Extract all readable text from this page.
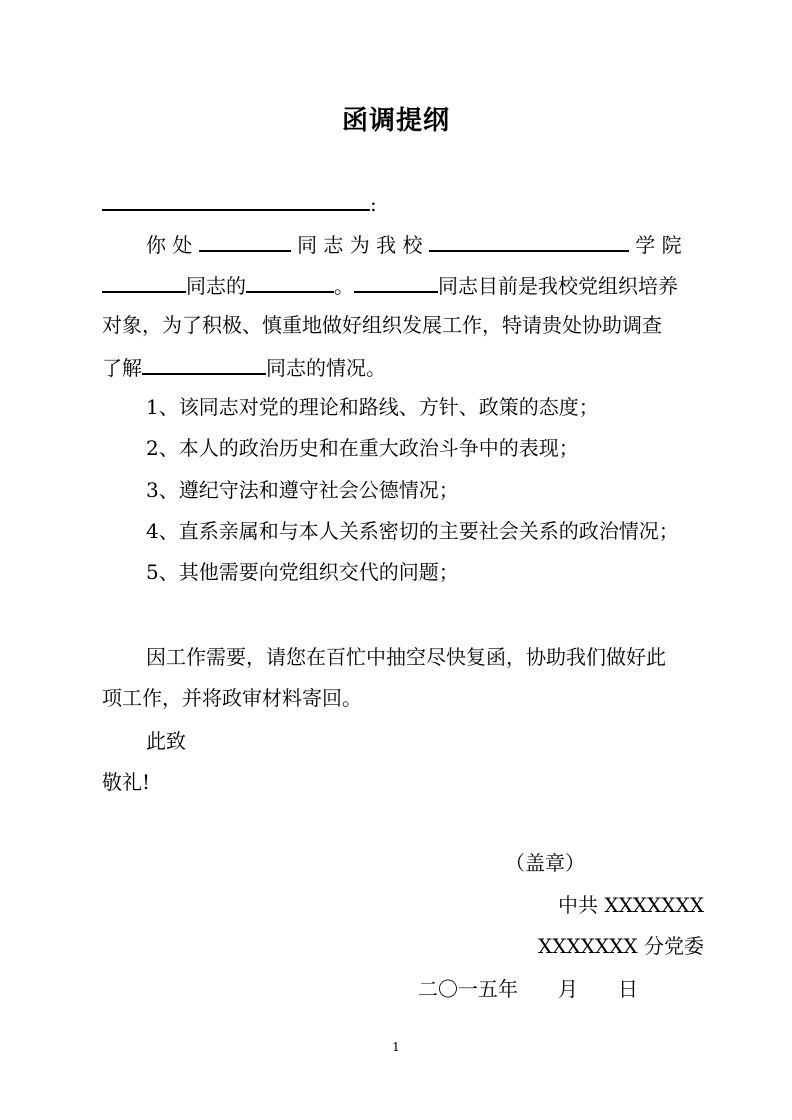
函调提纲
:
你 处	同 志 为 我 校	学 院
同志的	。	同志目前是我校党组织培养
对象，为了积极、慎重地做好组织发展工作，特请贵处协助调查
了解	同志的情况。
1、该同志对党的理论和路线、方针、政策的态度；
2、本人的政治历史和在重大政治斗争中的表现；
3、遵纪守法和遵守社会公德情况；
4、直系亲属和与本人关系密切的主要社会关系的政治情况；
5、其他需要向党组织交代的问题；
因工作需要，请您在百忙中抽空尽快复函，协助我们做好此
项工作，并将政审材料寄回。
此致
敬礼!
（盖章）
中共 XXXXXXX
XXXXXXX 分党委
二〇一五年　　月　　日
1
